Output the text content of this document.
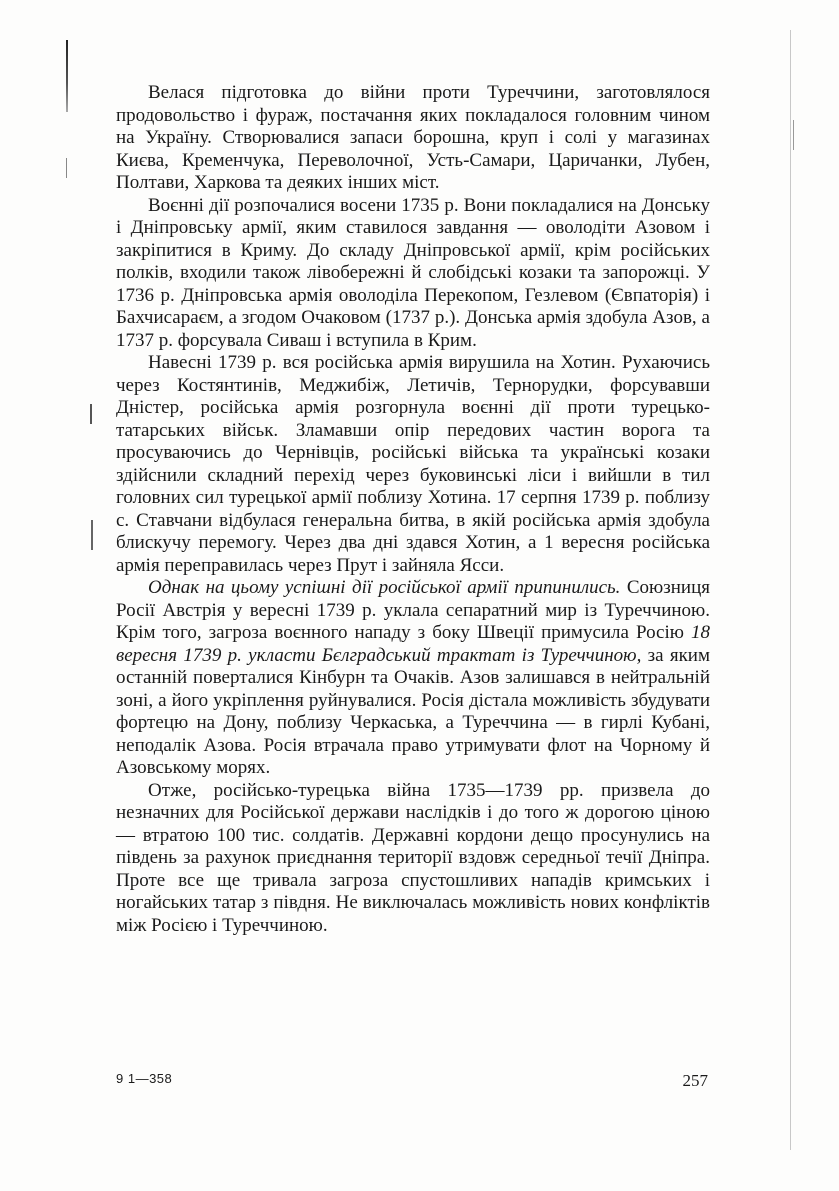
Велася підготовка до війни проти Туреччини, заготовлялося продовольство і фураж, постачання яких покладалося головним чином на Україну. Створювалися запаси борошна, круп і солі у магазинах Києва, Кременчука, Переволочної, Усть-Самари, Царичанки, Лубен, Полтави, Харкова та деяких інших міст.

Воєнні дії розпочалися восени 1735 р. Вони покладалися на Донську і Дніпровську армії, яким ставилося завдання — оволодіти Азовом і закріпитися в Криму. До складу Дніпровської армії, крім російських полків, входили також лівобережні й слобідські козаки та запорожці. У 1736 р. Дніпровська армія оволоділа Перекопом, Гезлевом (Євпаторія) і Бахчисараєм, а згодом Очаковом (1737 р.). Донська армія здобула Азов, а 1737 р. форсувала Сиваш і вступила в Крим.

Навесні 1739 р. вся російська армія вирушила на Хотин. Рухаючись через Костянтинів, Меджибіж, Летичів, Тернорудки, форсувавши Дністер, російська армія розгорнула воєнні дії проти турецько-татарських військ. Зламавши опір передових частин ворога та просуваючись до Чернівців, російські війська та українські козаки здійснили складний перехід через буковинські ліси і вийшли в тил головних сил турецької армії поблизу Хотина. 17 серпня 1739 р. поблизу с. Ставчани відбулася генеральна битва, в якій російська армія здобула блискучу перемогу. Через два дні здався Хотин, а 1 вересня російська армія переправилась через Прут і зайняла Ясси.

Однак на цьому успішні дії російської армії припинились. Союзниця Росії Австрія у вересні 1739 р. уклала сепаратний мир із Туреччиною. Крім того, загроза воєнного нападу з боку Швеції примусила Росію 18 вересня 1739 р. укласти Бєлградський трактат із Туреччиною, за яким останній поверталися Кінбурн та Очаків. Азов залишався в нейтральній зоні, а його укріплення руйнувалися. Росія дістала можливість збудувати фортецю на Дону, поблизу Черкаська, а Туреччина — в гирлі Кубані, неподалік Азова. Росія втрачала право утримувати флот на Чорному й Азовському морях.

Отже, російсько-турецька війна 1735—1739 рр. призвела до незначних для Російської держави наслідків і до того ж дорогою ціною — втратою 100 тис. солдатів. Державні кордони дещо просунулись на південь за рахунок приєднання території вздовж середньої течії Дніпра. Проте все ще тривала загроза спустошливих нападів кримських і ногайських татар з півдня. Не виключалась можливість нових конфліктів між Росією і Туреччиною.

9 1—358	257
